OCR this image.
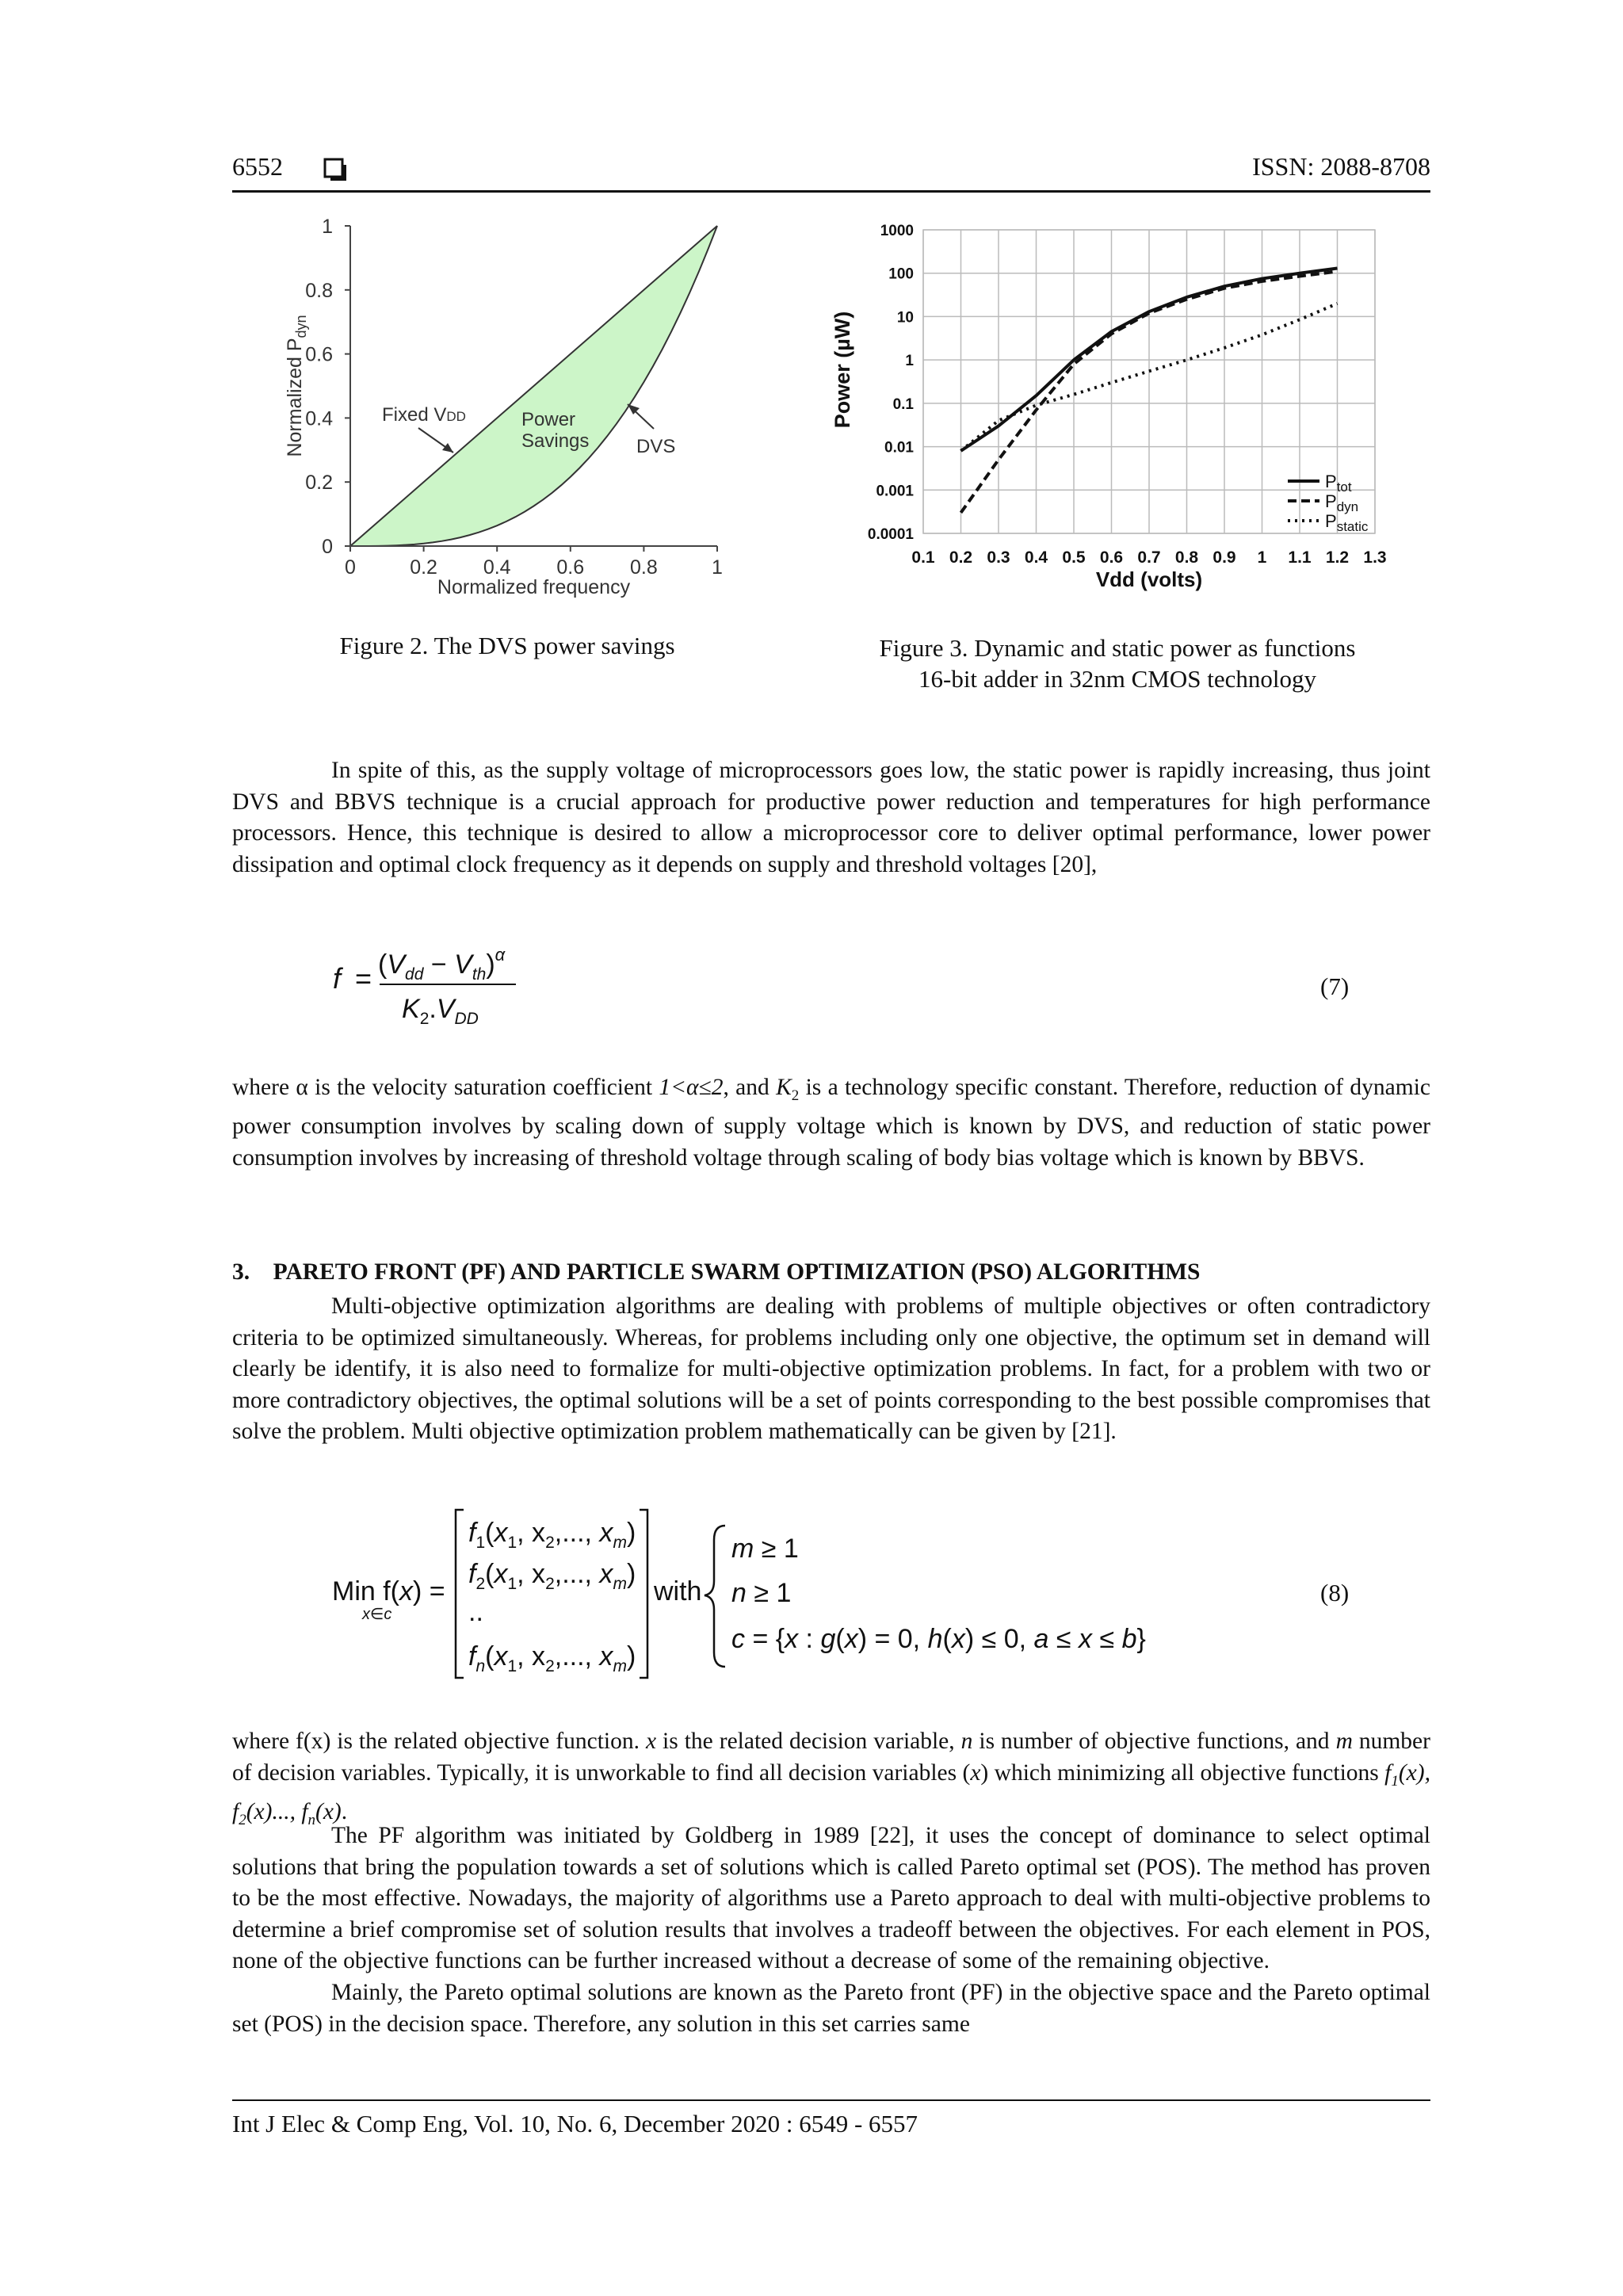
6552	ISSN: 2088-8708
0
0.2
0.4
0.6
0.8
1
0	0.2 0.4 0.6 0.8	1
Normalized frequency
Normalized $P_{dyn}$
Fixed VDD	Power
Savings DVS
Figure 2. The DVS power savings
0.1 0.2 0.3 0.4 0.5 0.6 0.7 0.8 0.9 1 1.1 1.2 1.3
0.0001
0.001
0.01
0.1
1
10
100
1000
Vdd (volts)
Power (µW)
$P_{tot}$
$P_{dyn}$
$P_{static}$
Figure 3. Dynamic and static power as functions
16-bit adder in 32nm CMOS technology

In spite of this, as the supply voltage of microprocessors goes low, the static power is rapidly increasing, thus joint DVS and BBVS technique is a crucial approach for productive power reduction and temperatures for high performance processors. Hence, this technique is desired to allow a microprocessor core to deliver optimal performance, lower power dissipation and optimal clock frequency as it depends on supply and threshold voltages [20],

$f = (V_{dd} - V_{th})^\alpha$
$K_2.V_{DD}$
(7)

where α is the velocity saturation coefficient 1<α≤2, and $K_2$ is a technology specific constant. Therefore, reduction of dynamic power consumption involves by scaling down of supply voltage which is known by DVS, and reduction of static power consumption involves by increasing of threshold voltage through scaling of body bias voltage which is known by BBVS.

3.    PARETO FRONT (PF) AND PARTICLE SWARM OPTIMIZATION (PSO) ALGORITHMS

Multi-objective optimization algorithms are dealing with problems of multiple objectives or often contradictory criteria to be optimized simultaneously. Whereas, for problems including only one objective, the optimum set in demand will clearly be identify, it is also need to formalize for multi-objective optimization problems. In fact, for a problem with two or more contradictory objectives, the optimal solutions will be a set of points corresponding to the best possible compromises that solve the problem. Multi objective optimization problem mathematically can be given by [21].

Min f(x) =
x∈c
$f_1(x_1$, $x_2$,..., $x_m$)
$f_2(x_1$, $x_2$,..., $x_m$)
..
$f_n(x_1$, $x_2$,..., $x_m$)
with
m ≥ 1
n ≥ 1
c = {x : g(x) = 0, h(x) ≤ 0, a ≤ x ≤ b}
(8)

where f(x) is the related objective function. x is the related decision variable, n is number of objective functions, and m number of decision variables. Typically, it is unworkable to find all decision variables (x) which minimizing all objective functions $f_1(x)$, $f_2(x)$..., $f_n(x)$.

The PF algorithm was initiated by Goldberg in 1989 [22], it uses the concept of dominance to select optimal solutions that bring the population towards a set of solutions which is called Pareto optimal set (POS). The method has proven to be the most effective. Nowadays, the majority of algorithms use a Pareto approach to deal with multi-objective problems to determine a brief compromise set of solution results that involves a tradeoff between the objectives. For each element in POS, none of the objective functions can be further increased without a decrease of some of the remaining objective.

Mainly, the Pareto optimal solutions are known as the Pareto front (PF) in the objective space and the Pareto optimal set (POS) in the decision space. Therefore, any solution in this set carries same

Int J Elec & Comp Eng, Vol. 10, No. 6, December 2020 : 6549 - 6557
